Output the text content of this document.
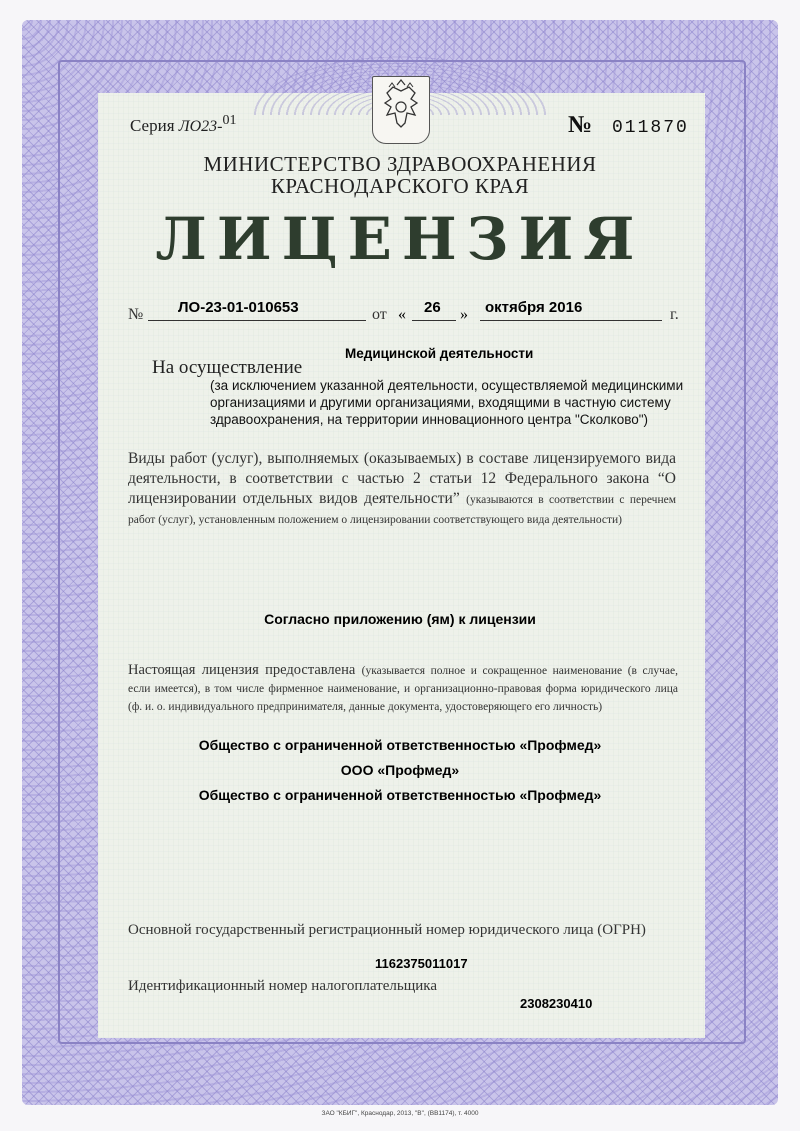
Серия ЛО23-$^{01}$	№ 011870
МИНИСТЕРСТВО ЗДРАВООХРАНЕНИЯ
КРАСНОДАРСКОГО КРАЯ
ЛИЦЕНЗИЯ
№ ЛО-23-01-010653	от « 26 » октября 2016	г.
На осуществление
Медицинской деятельности
(за исключением указанной деятельности, осуществляемой медицинскими организациями и другими организациями, входящими в частную систему здравоохранения, на территории инновационного центра "Сколково")
Виды работ (услуг), выполняемых (оказываемых) в составе лицензируемого вида деятельности, в соответствии с частью 2 статьи 12 Федерального закона “О лицензировании отдельных видов деятельности” (указываются в соответствии с перечнем работ (услуг), установленным положением о лицензировании соответствующего вида деятельности)
Согласно приложению (ям) к лицензии
Настоящая лицензия предоставлена (указывается полное и сокращенное наименование (в случае, если имеется), в том числе фирменное наименование, и организационно-правовая форма юридического лица (ф. и. о. индивидуального предпринимателя, данные документа, удостоверяющего его личность)
Общество с ограниченной ответственностью «Профмед»
ООО «Профмед»
Общество с ограниченной ответственностью «Профмед»
Основной государственный регистрационный номер юридического лица (ОГРН)
1162375011017
Идентификационный номер налогоплательщика
2308230410
ЗАО "КБИГ", Краснодар, 2013, "В", (ВВ1174), т. 4000
